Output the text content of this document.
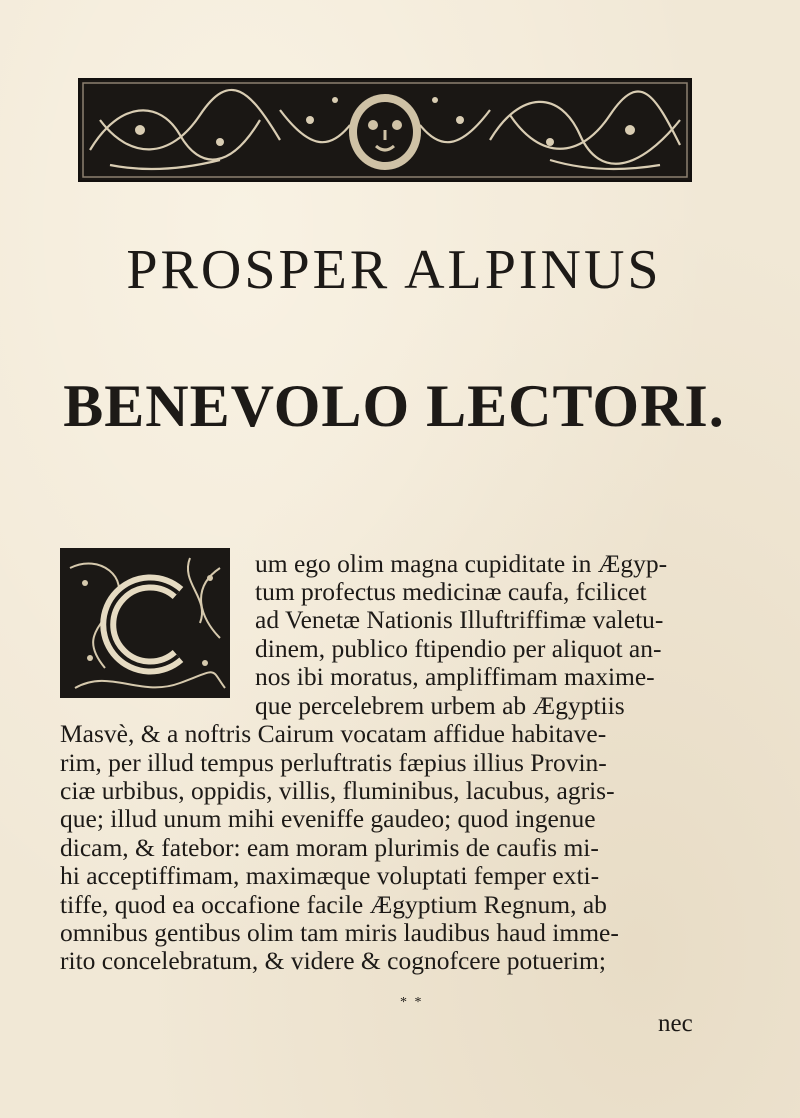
PROSPER ALPINUS
BENEVOLO LECTORI.
um ego olim magna cupiditate in Ægyp-
tum profectus medicinæ caufa, fcilicet
ad Venetæ Nationis Illuftriffimæ valetu-
dinem, publico ftipendio per aliquot an-
nos ibi moratus, ampliffimam maxime-
que percelebrem urbem ab Ægyptiis
Masvè, & a noftris Cairum vocatam affidue habitave-
rim, per illud tempus perluftratis fæpius illius Provin-
ciæ urbibus, oppidis, villis, fluminibus, lacubus, agris-
que; illud unum mihi eveniffe gaudeo; quod ingenue
dicam, & fatebor: eam moram plurimis de caufis mi-
hi acceptiffimam, maximæque voluptati femper exti-
tiffe, quod ea occafione facile Ægyptium Regnum, ab
omnibus gentibus olim tam miris laudibus haud imme-
rito concelebratum, & videre & cognofcere potuerim;
* *
nec
